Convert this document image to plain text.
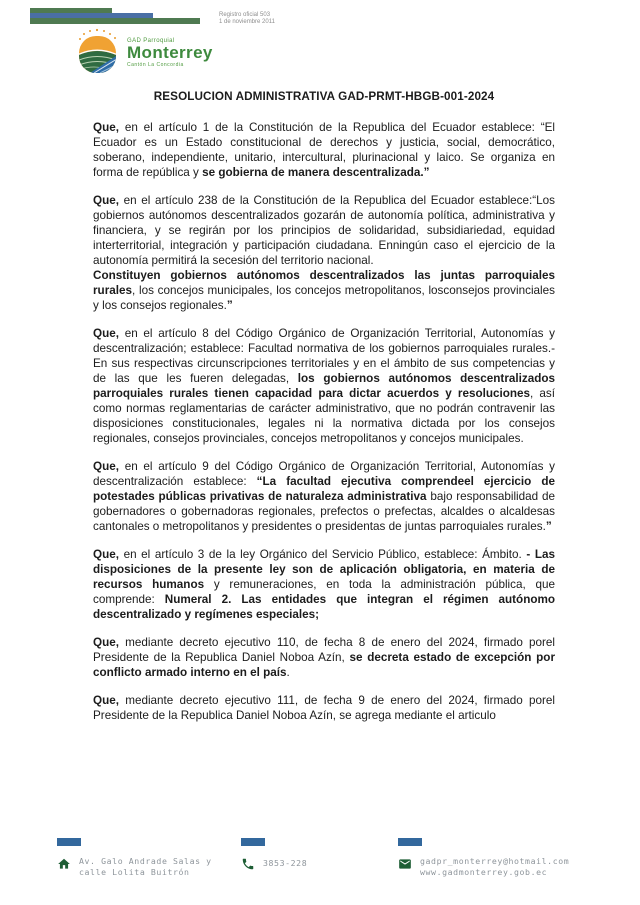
Registro oficial 503
1 de noviembre 2011
GAD Parroquial
Monterrey
Cantón La Concordia
RESOLUCION ADMINISTRATIVA GAD-PRMT-HBGB-001-2024

Que, en el artículo 1 de la Constitución de la Republica del Ecuador establece: “El Ecuador es un Estado constitucional de derechos y justicia, social, democrático, soberano, independiente, unitario, intercultural, plurinacional y laico. Se organiza en forma de república y se gobierna de manera descentralizada.”

Que, en el artículo 238 de la Constitución de la Republica del Ecuador establece:“Los gobiernos autónomos descentralizados gozarán de autonomía política, administrativa y financiera, y se regirán por los principios de solidaridad, subsidiariedad, equidad interterritorial, integración y participación ciudadana. Enningún caso el ejercicio de la autonomía permitirá la secesión del territorio nacional.
Constituyen gobiernos autónomos descentralizados las juntas parroquiales rurales, los concejos municipales, los concejos metropolitanos, losconsejos provinciales y los consejos regionales.”

Que, en el artículo 8 del Código Orgánico de Organización Territorial, Autonomías y descentralización; establece: Facultad normativa de los gobiernos parroquiales rurales.- En sus respectivas circunscripciones territoriales y en el ámbito de sus competencias y de las que les fueren delegadas, los gobiernos autónomos descentralizados parroquiales rurales tienen capacidad para dictar acuerdos y resoluciones, así como normas reglamentarias de carácter administrativo, que no podrán contravenir las disposiciones constitucionales, legales ni la normativa dictada por los consejos regionales, consejos provinciales, concejos metropolitanos y concejos municipales.

Que, en el artículo 9 del Código Orgánico de Organización Territorial, Autonomías y descentralización establece: “La facultad ejecutiva comprendeel ejercicio de potestades públicas privativas de naturaleza administrativa bajo responsabilidad de gobernadores o gobernadoras regionales, prefectos o prefectas, alcaldes o alcaldesas cantonales o metropolitanos y presidentes o presidentas de juntas parroquiales rurales.”

Que, en el artículo 3 de la ley Orgánico del Servicio Público, establece: Ámbito. - Las disposiciones de la presente ley son de aplicación obligatoria, en materia de recursos humanos y remuneraciones, en toda la administración pública, que comprende: Numeral 2. Las entidades que integran el régimen autónomo descentralizado y regímenes especiales;

Que, mediante decreto ejecutivo 110, de fecha 8 de enero del 2024, firmado porel Presidente de la Republica Daniel Noboa Azín, se decreta estado de excepción por conflicto armado interno en el país.

Que, mediante decreto ejecutivo 111, de fecha 9 de enero del 2024, firmado porel Presidente de la Republica Daniel Noboa Azín, se agrega mediante el articulo

Av. Galo Andrade Salas y
calle Lolita Buitrón
3853-228	gadpr_monterrey@hotmail.com
www.gadmonterrey.gob.ec
